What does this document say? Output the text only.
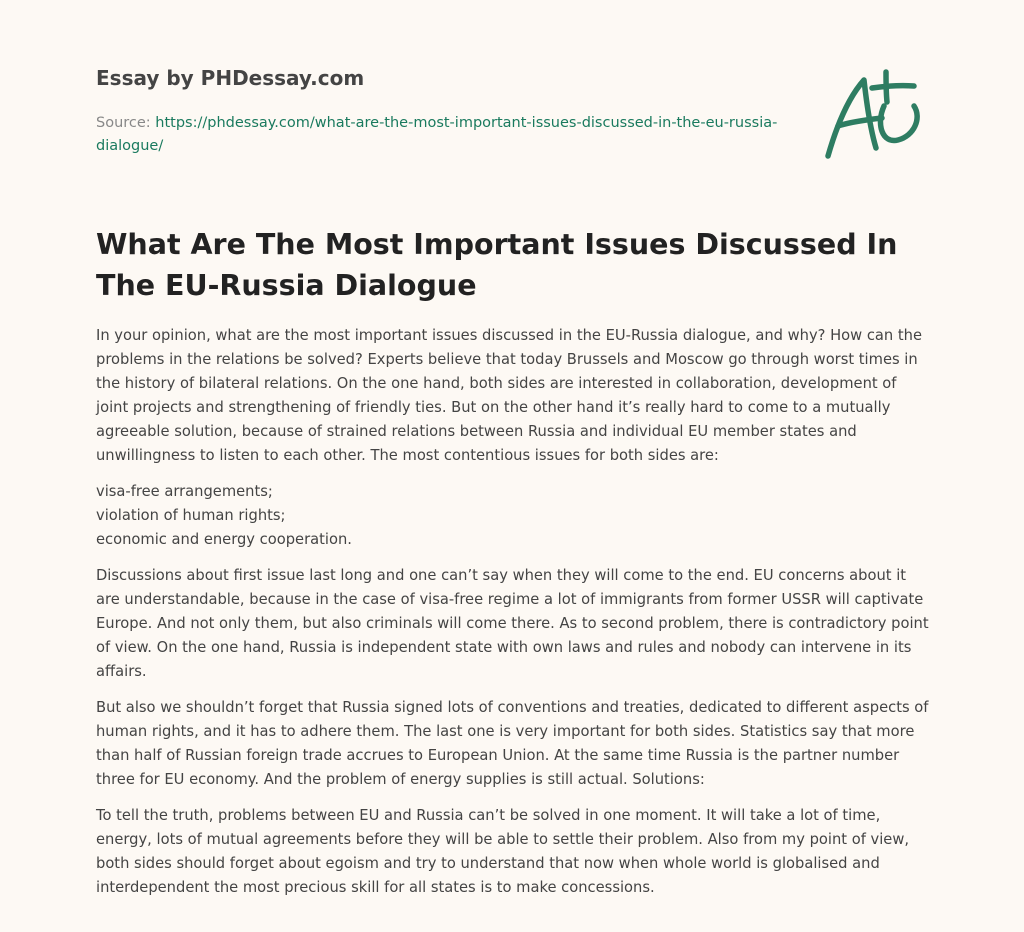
Essay by PHDessay.com
Source: https://phdessay.com/what-are-the-most-important-issues-discussed-in-the-eu-russia-dialogue/
What Are The Most Important Issues Discussed In The EU-Russia Dialogue

In your opinion, what are the most important issues discussed in the EU-Russia dialogue, and why? How can the problems in the relations be solved? Experts believe that today Brussels and Moscow go through worst times in the history of bilateral relations. On the one hand, both sides are interested in collaboration, development of joint projects and strengthening of friendly ties. But on the other hand it’s really hard to come to a mutually agreeable solution, because of strained relations between Russia and individual EU member states and unwillingness to listen to each other. The most contentious issues for both sides are:

visa-free arrangements;
violation of human rights;
economic and energy cooperation.

Discussions about first issue last long and one can’t say when they will come to the end. EU concerns about it are understandable, because in the case of visa-free regime a lot of immigrants from former USSR will captivate Europe. And not only them, but also criminals will come there. As to second problem, there is contradictory point of view. On the one hand, Russia is independent state with own laws and rules and nobody can intervene in its affairs.

But also we shouldn’t forget that Russia signed lots of conventions and treaties, dedicated to different aspects of human rights, and it has to adhere them. The last one is very important for both sides. Statistics say that more than half of Russian foreign trade accrues to European Union. At the same time Russia is the partner number three for EU economy. And the problem of energy supplies is still actual. Solutions:

To tell the truth, problems between EU and Russia can’t be solved in one moment. It will take a lot of time, energy, lots of mutual agreements before they will be able to settle their problem. Also from my point of view, both sides should forget about egoism and try to understand that now when whole world is globalised and interdependent the most precious skill for all states is to make concessions.
